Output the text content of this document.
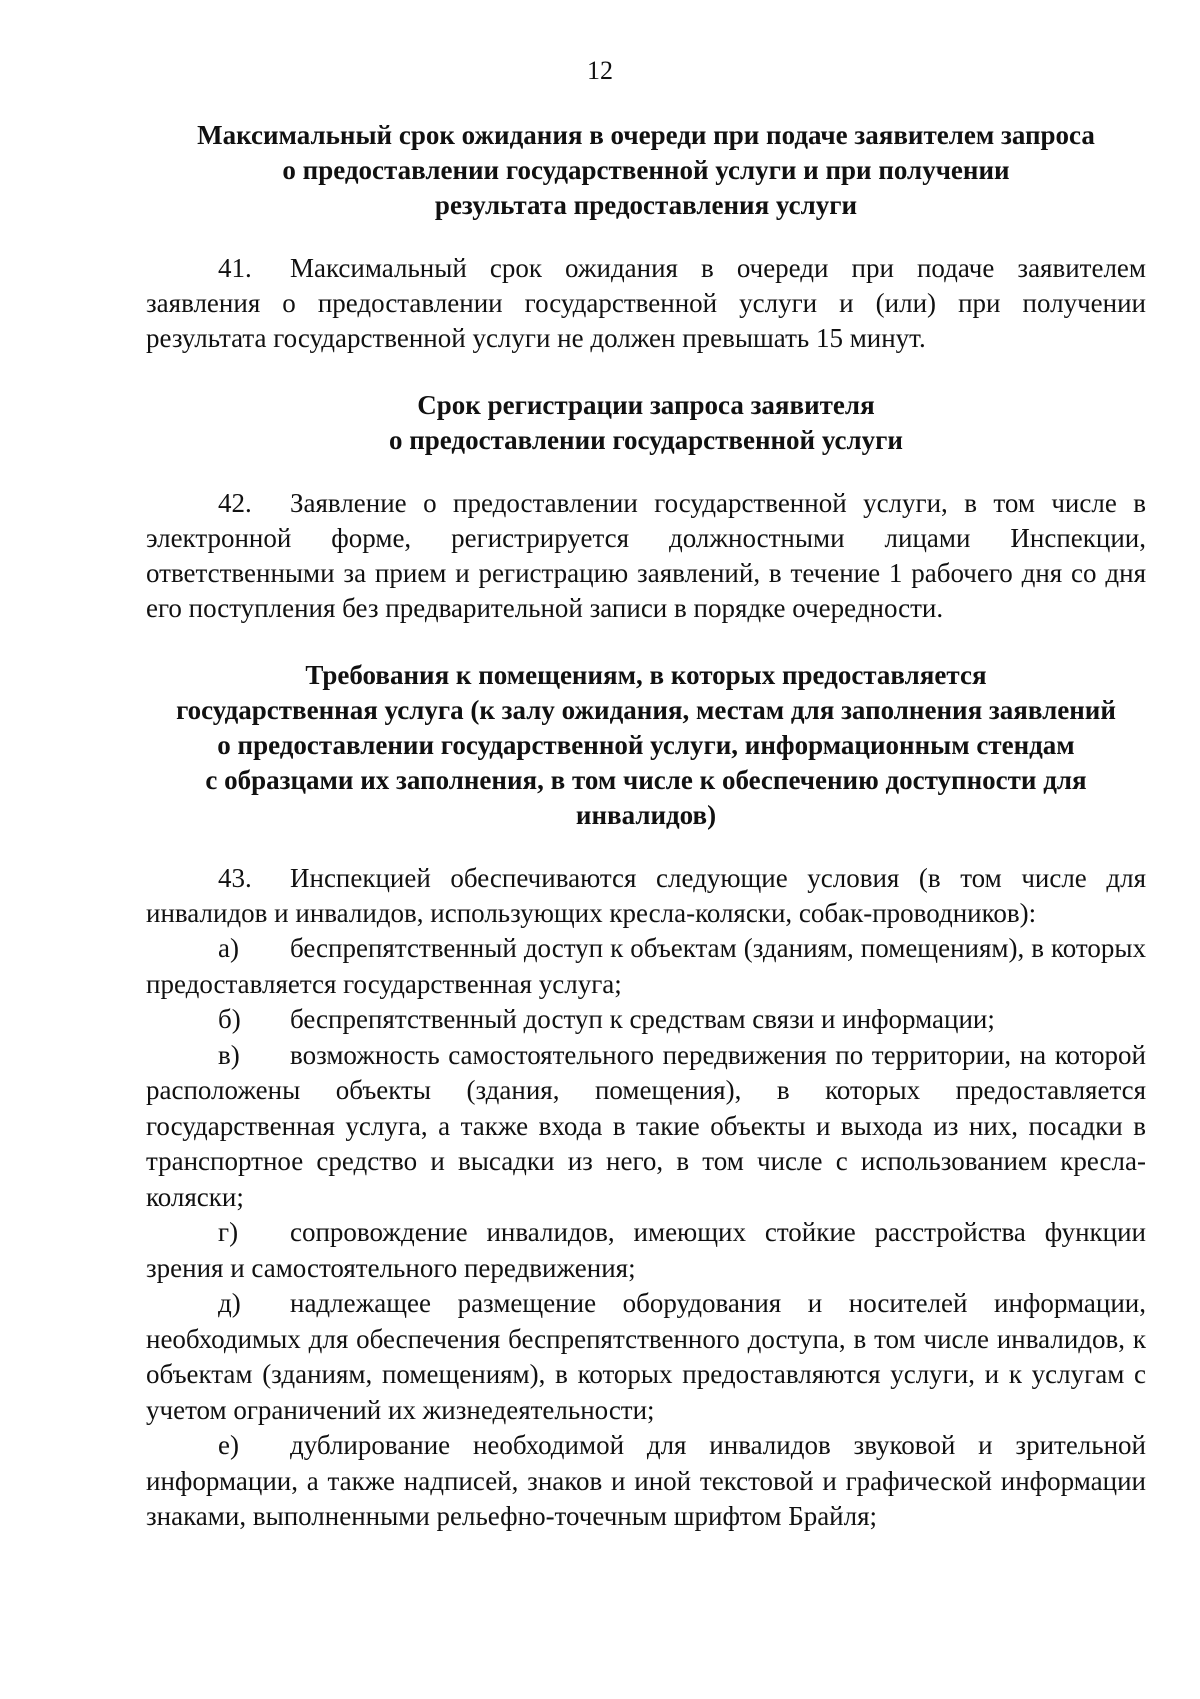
12
Максимальный срок ожидания в очереди при подаче заявителем запроса
о предоставлении государственной услуги и при получении
результата предоставления услуги

41. Максимальный срок ожидания в очереди при подаче заявителем заявления о предоставлении государственной услуги и (или) при получении результата государственной услуги не должен превышать 15 минут.

Срок регистрации запроса заявителя
о предоставлении государственной услуги

42. Заявление о предоставлении государственной услуги, в том числе в электронной форме, регистрируется должностными лицами Инспекции, ответственными за прием и регистрацию заявлений, в течение 1 рабочего дня со дня его поступления без предварительной записи в порядке очередности.

Требования к помещениям, в которых предоставляется
государственная услуга (к залу ожидания, местам для заполнения заявлений
о предоставлении государственной услуги, информационным стендам
с образцами их заполнения, в том числе к обеспечению доступности для
инвалидов)

43. Инспекцией обеспечиваются следующие условия (в том числе для инвалидов и инвалидов, использующих кресла-коляски, собак-проводников):

а) беспрепятственный доступ к объектам (зданиям, помещениям), в которых предоставляется государственная услуга;

б) беспрепятственный доступ к средствам связи и информации;

в) возможность самостоятельного передвижения по территории, на которой расположены объекты (здания, помещения), в которых предоставляется государственная услуга, а также входа в такие объекты и выхода из них, посадки в транспортное средство и высадки из него, в том числе с использованием кресла-коляски;

г) сопровождение инвалидов, имеющих стойкие расстройства функции зрения и самостоятельного передвижения;

д) надлежащее размещение оборудования и носителей информации, необходимых для обеспечения беспрепятственного доступа, в том числе инвалидов, к объектам (зданиям, помещениям), в которых предоставляются услуги, и к услугам с учетом ограничений их жизнедеятельности;

е) дублирование необходимой для инвалидов звуковой и зрительной информации, а также надписей, знаков и иной текстовой и графической информации знаками, выполненными рельефно-точечным шрифтом Брайля;
